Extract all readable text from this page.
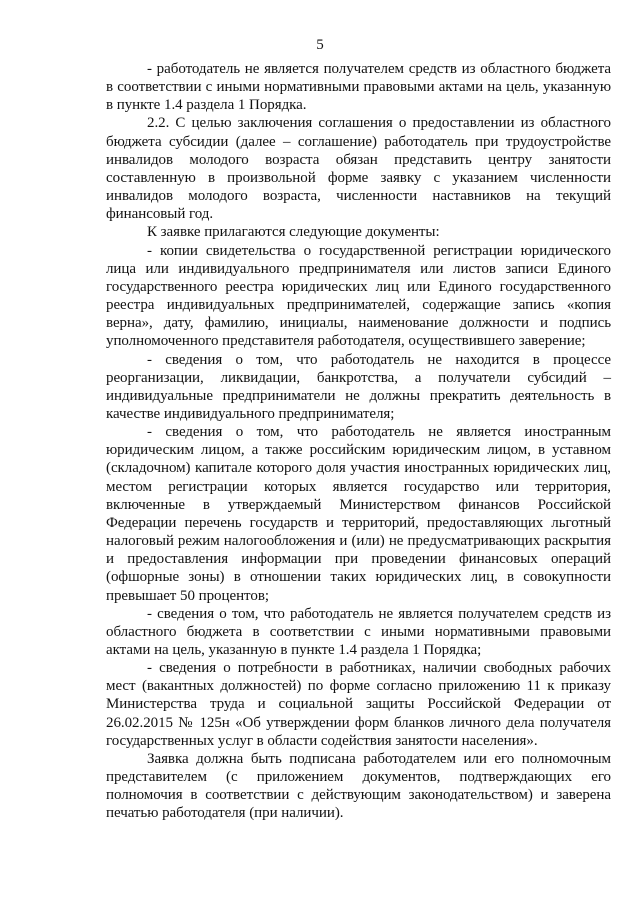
5

- работодатель не является получателем средств из областного бюджета в соответствии с иными нормативными правовыми актами на цель, указанную в пункте 1.4 раздела 1 Порядка.

2.2. С целью заключения соглашения о предоставлении из областного бюджета субсидии (далее – соглашение) работодатель при трудоустройстве инвалидов молодого возраста обязан представить центру занятости составленную в произвольной форме заявку с указанием численности инвалидов молодого возраста, численности наставников на текущий финансовый год.

К заявке прилагаются следующие документы:

- копии свидетельства о государственной регистрации юридического лица или индивидуального предпринимателя или листов записи Единого государственного реестра юридических лиц или Единого государственного реестра индивидуальных предпринимателей, содержащие запись «копия верна», дату, фамилию, инициалы, наименование должности и подпись уполномоченного представителя работодателя, осуществившего заверение;

- сведения о том, что работодатель не находится в процессе реорганизации, ликвидации, банкротства, а получатели субсидий – индивидуальные предприниматели не должны прекратить деятельность в качестве индивидуального предпринимателя;

- сведения о том, что работодатель не является иностранным юридическим лицом, а также российским юридическим лицом, в уставном (складочном) капитале которого доля участия иностранных юридических лиц, местом регистрации которых является государство или территория, включенные в утверждаемый Министерством финансов Российской Федерации перечень государств и территорий, предоставляющих льготный налоговый режим налогообложения и (или) не предусматривающих раскрытия и предоставления информации при проведении финансовых операций (офшорные зоны) в отношении таких юридических лиц, в совокупности превышает 50 процентов;

- сведения о том, что работодатель не является получателем средств из областного бюджета в соответствии с иными нормативными правовыми актами на цель, указанную в пункте 1.4 раздела 1 Порядка;

- сведения о потребности в работниках, наличии свободных рабочих мест (вакантных должностей) по форме согласно приложению 11 к приказу Министерства труда и социальной защиты Российской Федерации от 26.02.2015 № 125н «Об утверждении форм бланков личного дела получателя государственных услуг в области содействия занятости населения».

Заявка должна быть подписана работодателем или его полномочным представителем (с приложением документов, подтверждающих его полномочия в соответствии с действующим законодательством) и заверена печатью работодателя (при наличии).
